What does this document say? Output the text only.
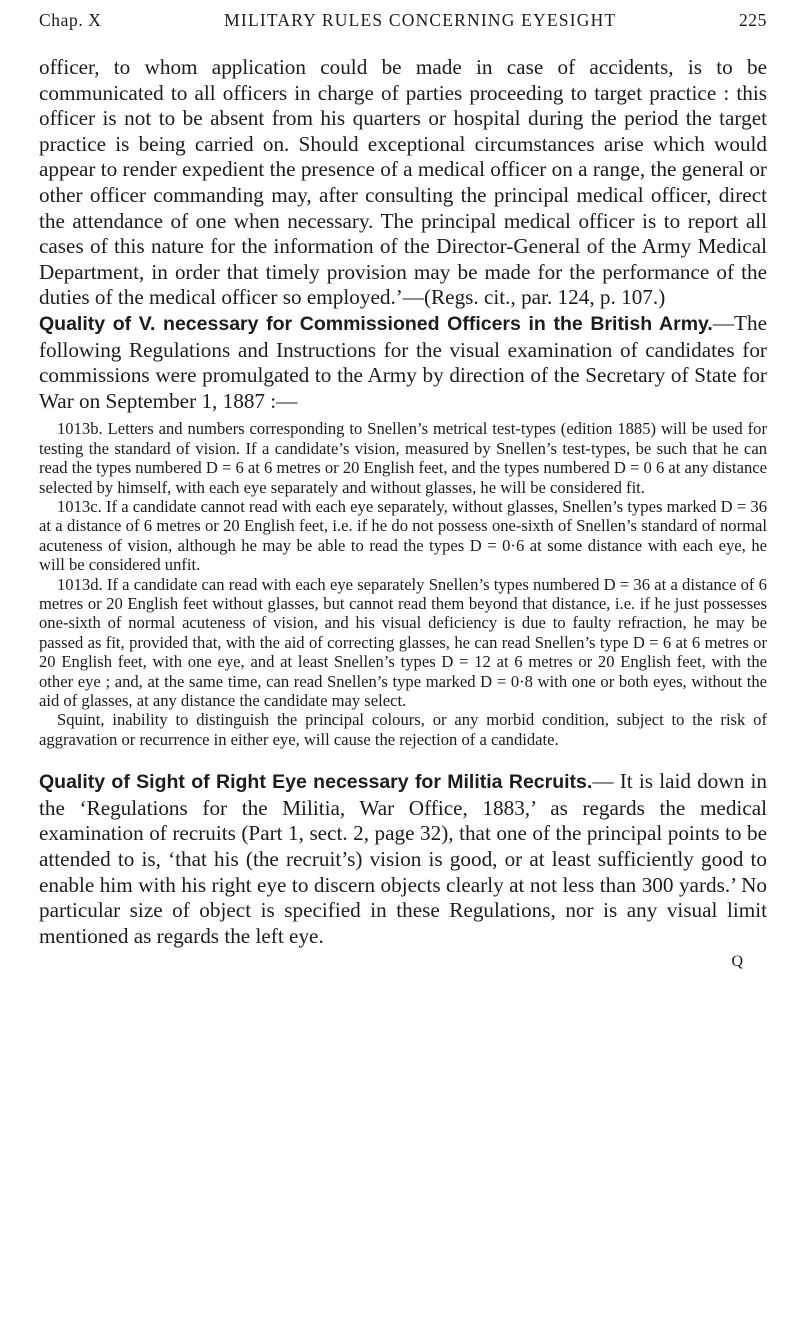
Chap. X	MILITARY RULES CONCERNING EYESIGHT	225

officer, to whom application could be made in case of accidents, is to be communicated to all officers in charge of parties proceeding to target practice : this officer is not to be absent from his quarters or hospital during the period the target practice is being carried on. Should exceptional circumstances arise which would appear to render expedient the presence of a medical officer on a range, the general or other officer commanding may, after consulting the principal medical officer, direct the attendance of one when necessary. The principal medical officer is to report all cases of this nature for the information of the Director-General of the Army Medical Department, in order that timely provision may be made for the performance of the duties of the medical officer so employed.’—(Regs. cit., par. 124, p. 107.)

Quality of V. necessary for Commissioned Officers in the British Army.—The following Regulations and Instructions for the visual examination of candidates for commissions were promulgated to the Army by direction of the Secretary of State for War on September 1, 1887 :—

1013b. Letters and numbers corresponding to Snellen’s metrical test-types (edition 1885) will be used for testing the standard of vision. If a candidate’s vision, measured by Snellen’s test-types, be such that he can read the types numbered D = 6 at 6 metres or 20 English feet, and the types numbered D = 0 6 at any distance selected by himself, with each eye separately and without glasses, he will be considered fit.

1013c. If a candidate cannot read with each eye separately, without glasses, Snellen’s types marked D = 36 at a distance of 6 metres or 20 English feet, i.e. if he do not possess one-sixth of Snellen’s standard of normal acuteness of vision, although he may be able to read the types D = 0·6 at some distance with each eye, he will be considered unfit.

1013d. If a candidate can read with each eye separately Snellen’s types numbered D = 36 at a distance of 6 metres or 20 English feet without glasses, but cannot read them beyond that distance, i.e. if he just possesses one-sixth of normal acuteness of vision, and his visual deficiency is due to faulty refraction, he may be passed as fit, provided that, with the aid of correcting glasses, he can read Snellen’s type D = 6 at 6 metres or 20 English feet, with one eye, and at least Snellen’s types D = 12 at 6 metres or 20 English feet, with the other eye ; and, at the same time, can read Snellen’s type marked D = 0·8 with one or both eyes, without the aid of glasses, at any distance the candidate may select.

Squint, inability to distinguish the principal colours, or any morbid condition, subject to the risk of aggravation or recurrence in either eye, will cause the rejection of a candidate.

Quality of Sight of Right Eye necessary for Militia Recruits.— It is laid down in the ‘Regulations for the Militia, War Office, 1883,’ as regards the medical examination of recruits (Part 1, sect. 2, page 32), that one of the principal points to be attended to is, ‘that his (the recruit’s) vision is good, or at least sufficiently good to enable him with his right eye to discern objects clearly at not less than 300 yards.’ No particular size of object is specified in these Regulations, nor is any visual limit mentioned as regards the left eye.

Q
